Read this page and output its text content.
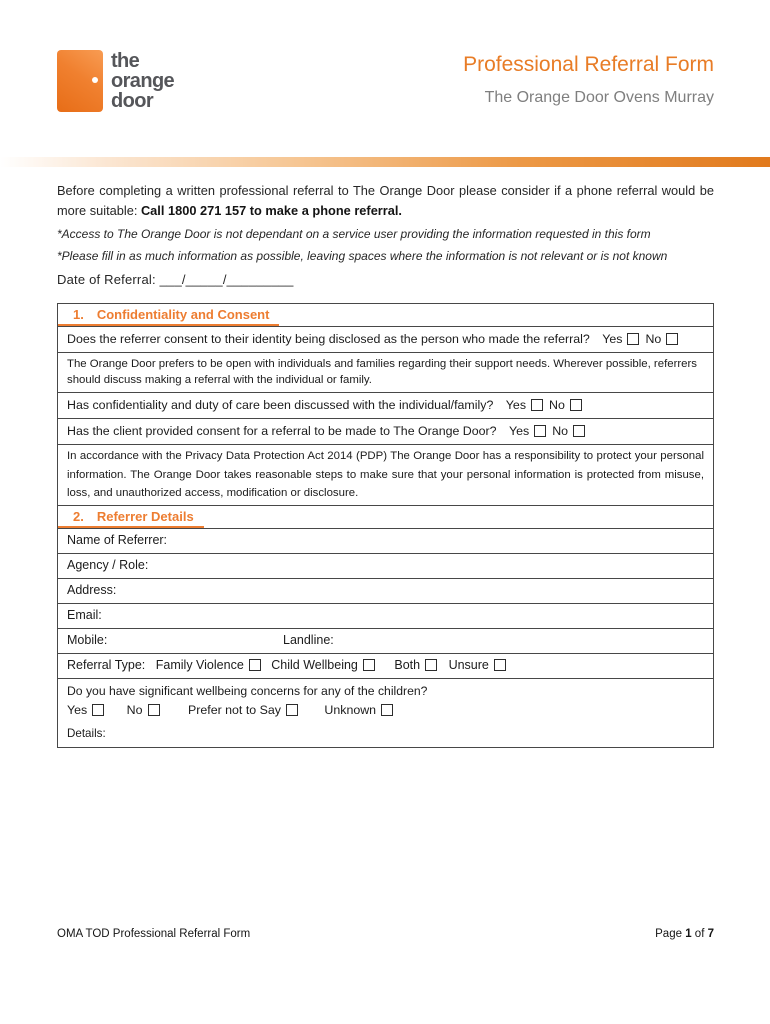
the
orange
door
Professional Referral Form
The Orange Door Ovens Murray

Before completing a written professional referral to The Orange Door please consider if a phone referral would be more suitable: Call 1800 271 157 to make a phone referral.

*Access to The Orange Door is not dependant on a service user providing the information requested in this form

*Please fill in as much information as possible, leaving spaces where the information is not relevant or is not known

Date of Referral: ___/_____/_________

1. Confidentiality and Consent
Does the referrer consent to their identity being disclosed as the person who made the referral? Yes No
The Orange Door prefers to be open with individuals and families regarding their support needs. Wherever possible, referrers should discuss making a referral with the individual or family.
Has confidentiality and duty of care been discussed with the individual/family? Yes No
Has the client provided consent for a referral to be made to The Orange Door? Yes No
In accordance with the Privacy Data Protection Act 2014 (PDP) The Orange Door has a responsibility to protect your personal information. The Orange Door takes reasonable steps to make sure that your personal information is protected from misuse, loss, and unauthorized access, modification or disclosure.
2. Referrer Details
Name of Referrer:
Agency / Role:
Address:
Email:
Mobile:	Landline:
Referral Type: Family Violence Child Wellbeing	Both Unsure
Do you have significant wellbeing concerns for any of the children?
Yes	No	Prefer not to Say	Unknown
Details:
OMA TOD Professional Referral Form	Page 1 of 7
